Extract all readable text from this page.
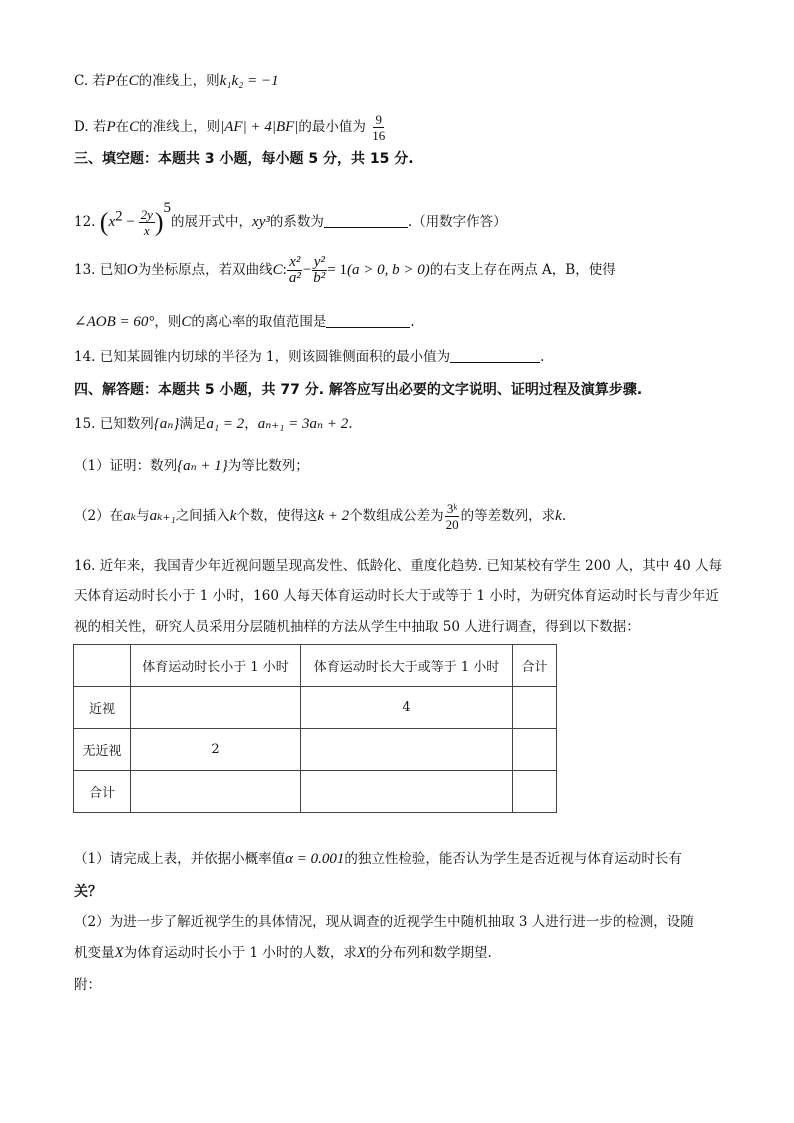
C. 若P在C的准线上，则k₁k₂ = −1
D. 若P在C的准线上，则|AF| + 4|BF|的最小值为 $\frac{9}{16}$
三、填空题：本题共 3 小题，每小题 5 分，共 15 分.
12. $(x^2 - \frac{2y}{x} )^5$的展开式中，xy³的系数为	.（用数字作答）
13. 已知O为坐标原点，若双曲线C: $\frac{\text{x²}}{\text{a²}} - \frac{\text{y²}}{\text{b²}} = 1(a > 0$, b > 0)的右支上存在两点 A，B，使得
∠AOB = 60°，则C的离心率的取值范围是	.
14. 已知某圆锥内切球的半径为 1，则该圆锥侧面积的最小值为	.
四、解答题：本题共 5 小题，共 77 分. 解答应写出必要的文字说明、证明过程及演算步骤.
15. 已知数列{aₙ}满足a₁ = 2，aₙ₊₁ = 3aₙ + 2.
（1）证明：数列{aₙ + 1}为等比数列；
（2）在aₖ与aₖ₊₁之间插入k个数，使得这k + 2个数组成公差为 $\frac{\text{3ᵏ}}{20}$ 的等差数列，求k.
16. 近年来，我国青少年近视问题呈现高发性、低龄化、重度化趋势. 已知某校有学生 200 人，其中 40 人每
天体育运动时长小于 1 小时，160 人每天体育运动时长大于或等于 1 小时，为研究体育运动时长与青少年近
视的相关性，研究人员采用分层随机抽样的方法从学生中抽取 50 人进行调查，得到以下数据：
	体育运动时长小于 1 小时	体育运动时长大于或等于 1 小时	合计
近视		4	
无近视	2		
合计			
（1）请完成上表，并依据小概率值α = 0.001的独立性检验，能否认为学生是否近视与体育运动时长有
关？
（2）为进一步了解近视学生的具体情况，现从调查的近视学生中随机抽取 3 人进行进一步的检测，设随
机变量X为体育运动时长小于 1 小时的人数，求X的分布列和数学期望.
附：
